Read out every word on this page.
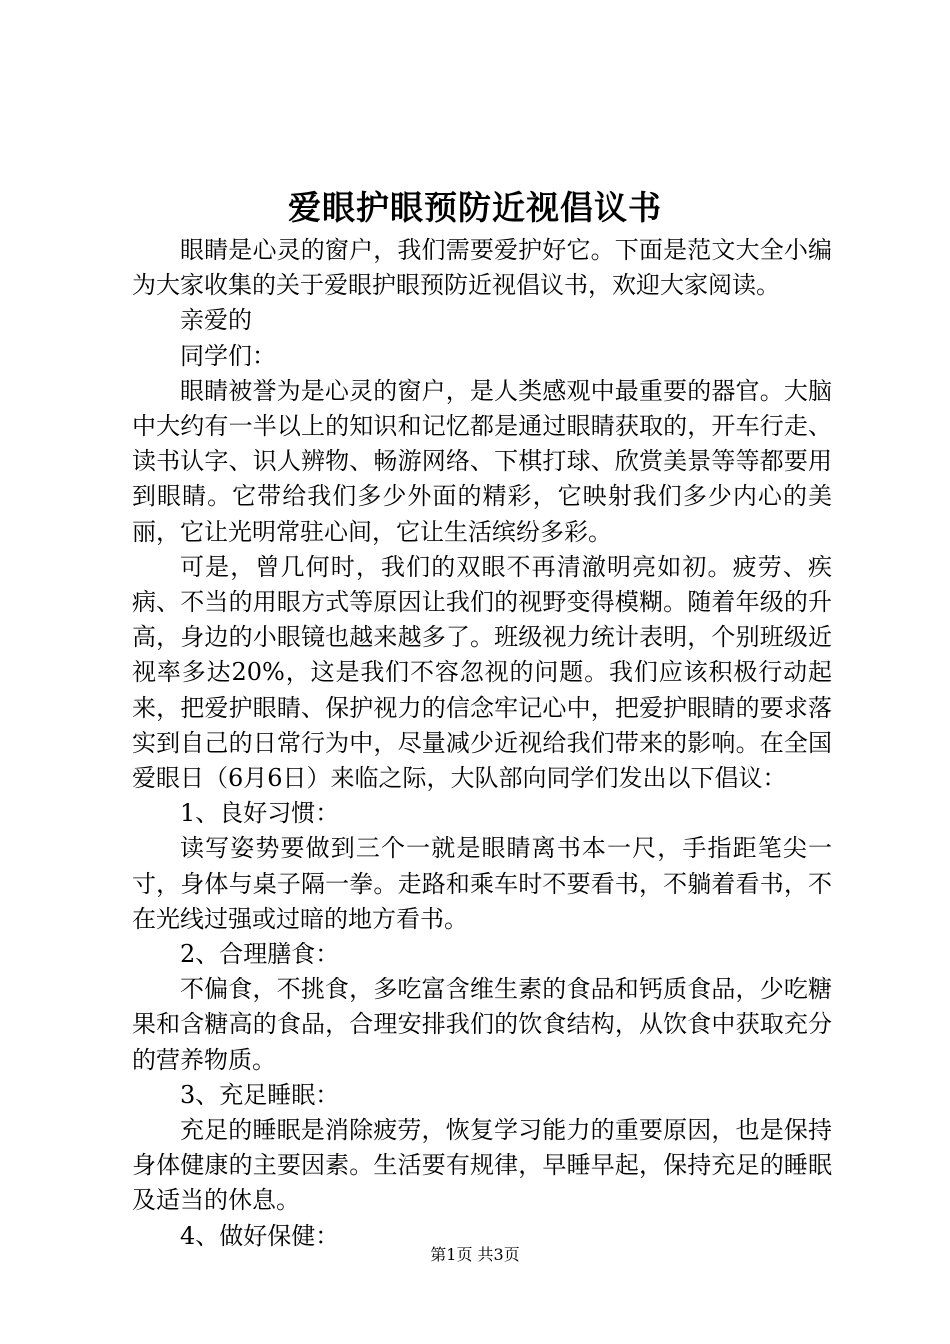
爱眼护眼预防近视倡议书

眼睛是心灵的窗户，我们需要爱护好它。下面是范文大全小编为大家收集的关于爱眼护眼预防近视倡议书，欢迎大家阅读。

亲爱的

同学们：

眼睛被誉为是心灵的窗户，是人类感观中最重要的器官。大脑中大约有一半以上的知识和记忆都是通过眼睛获取的，开车行走、读书认字、识人辨物、畅游网络、下棋打球、欣赏美景等等都要用到眼睛。它带给我们多少外面的精彩，它映射我们多少内心的美丽，它让光明常驻心间，它让生活缤纷多彩。

可是，曾几何时，我们的双眼不再清澈明亮如初。疲劳、疾病、不当的用眼方式等原因让我们的视野变得模糊。随着年级的升高，身边的小眼镜也越来越多了。班级视力统计表明，个别班级近视率多达20%，这是我们不容忽视的问题。我们应该积极行动起来，把爱护眼睛、保护视力的信念牢记心中，把爱护眼睛的要求落实到自己的日常行为中，尽量减少近视给我们带来的影响。在全国爱眼日（6月6日）来临之际，大队部向同学们发出以下倡议：

1、良好习惯：

读写姿势要做到三个一就是眼睛离书本一尺，手指距笔尖一寸，身体与桌子隔一拳。走路和乘车时不要看书，不躺着看书，不在光线过强或过暗的地方看书。

2、合理膳食：

不偏食，不挑食，多吃富含维生素的食品和钙质食品，少吃糖果和含糖高的食品，合理安排我们的饮食结构，从饮食中获取充分的营养物质。

3、充足睡眠：

充足的睡眠是消除疲劳，恢复学习能力的重要原因，也是保持身体健康的主要因素。生活要有规律，早睡早起，保持充足的睡眠及适当的休息。

4、做好保健：

第1页 共3页
